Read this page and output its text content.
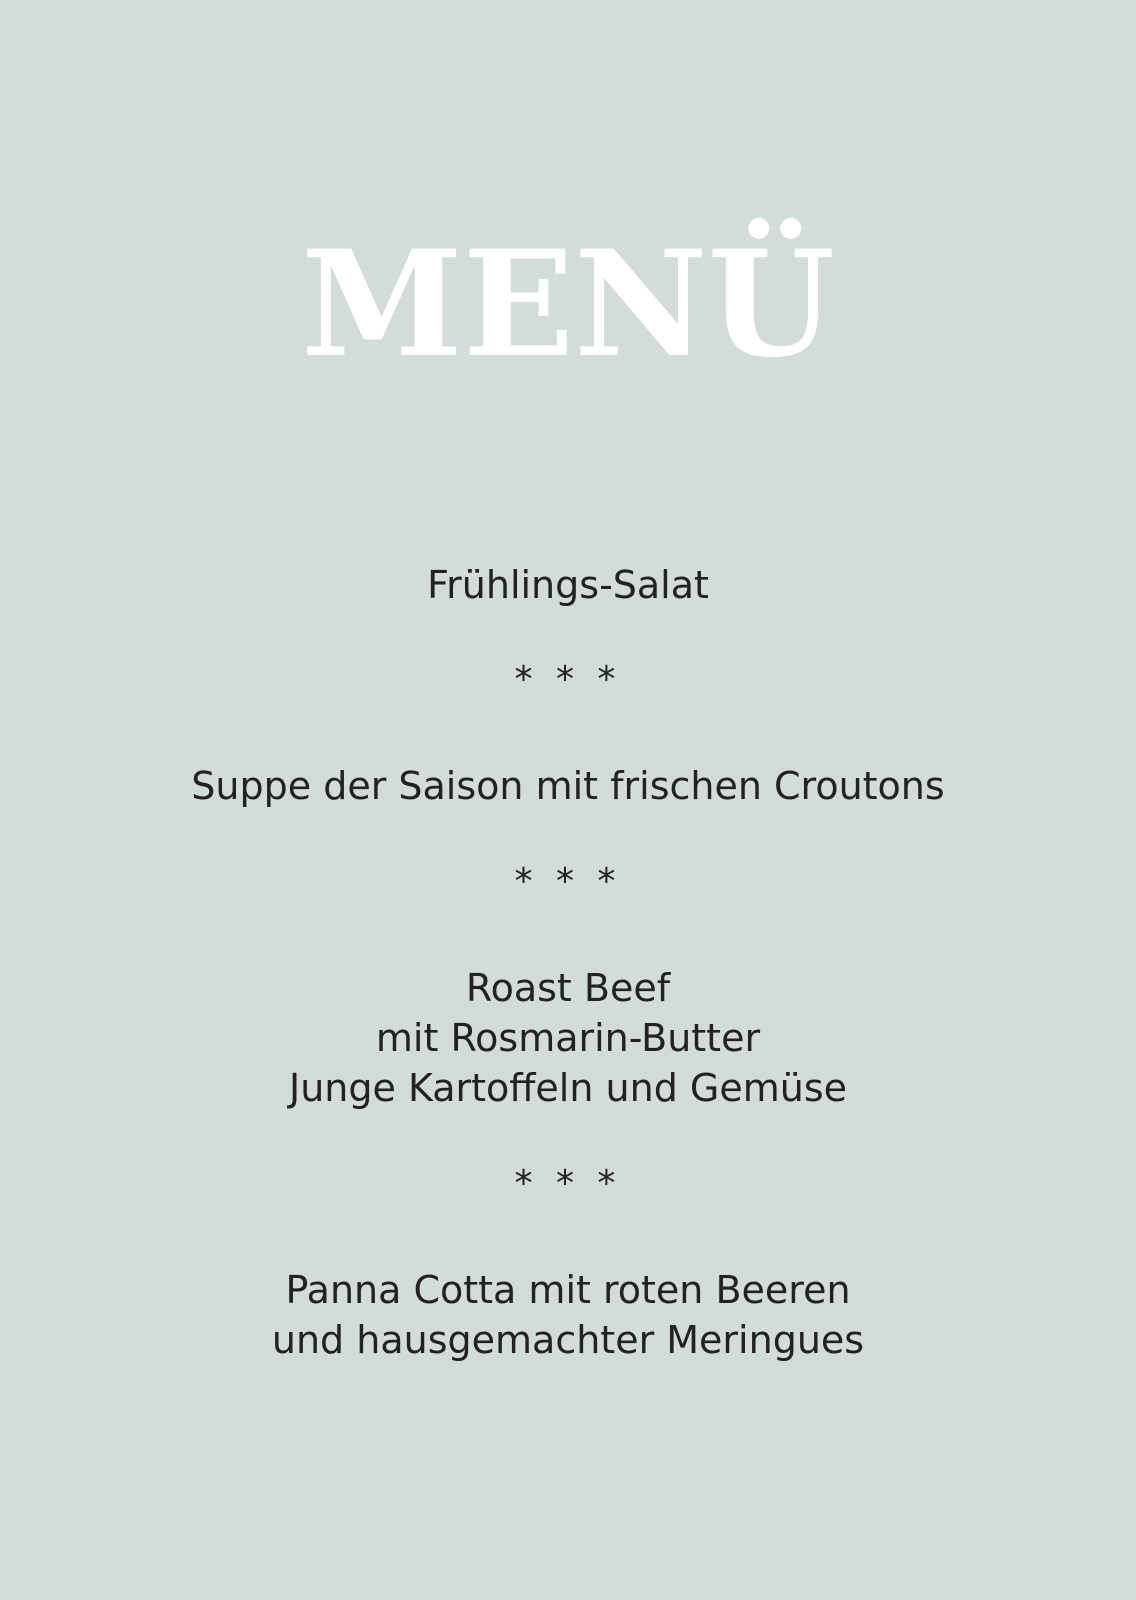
MENÜ
Frühlings-Salat
* * *
Suppe der Saison mit frischen Croutons
* * *
Roast Beef
mit Rosmarin-Butter
Junge Kartoffeln und Gemüse
* * *
Panna Cotta mit roten Beeren
und hausgemachter Meringues
